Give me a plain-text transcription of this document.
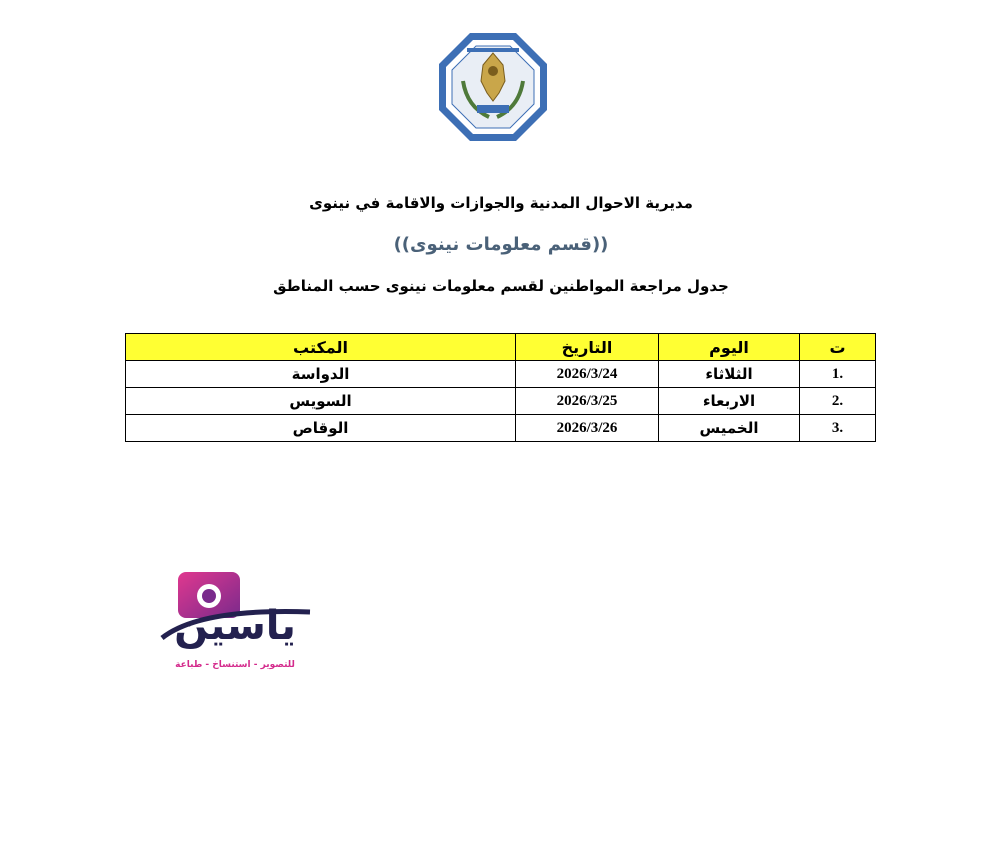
مديرية الاحوال المدنية والجوازات والاقامة في نينوى
((قسم معلومات نينوى))
جدول مراجعة المواطنين لقسم معلومات نينوى حسب المناطق
ت	اليوم	التاريخ	المكتب
1.	الثلاثاء	2026/3/24	الدواسة
2.	الاربعاء	2026/3/25	السويس
3.	الخميس	2026/3/26	الوقاص
ياسين
للتصوير - استنساخ - طباعة
